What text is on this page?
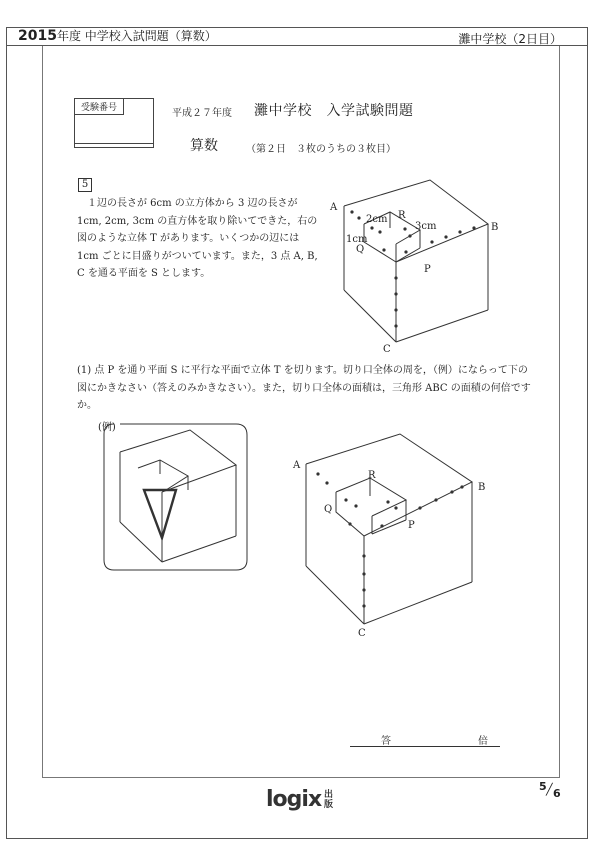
2015年度 中学校入試問題（算数）	灘中学校（2日目）
受験番号	平成２７年度 灘中学校　入学試験問題
算数	（第２日　３枚のうちの３枚目）
5
１辺の長さが 6cm の立方体から 3 辺の長さが 1cm, 2cm, 3cm の直方体を取り除いてできた，右の図のような立体 T があります。いくつかの辺には 1cm ごとに目盛りがついています。また，3 点 A, B, C を通る平面を S とします。
(1) 点 P を通り平面 S に平行な平面で立体 T を切ります。切り口全体の周を，（例）にならって下の図にかきなさい（答えのみかきなさい）。また，切り口全体の面積は，三角形 ABC の面積の何倍ですか。
(例)
A
B
C
P
Q
R
2cm
3cm
1cm
A
B
C
P
Q
R
答	倍
5 ╱ 6
logix 出版
